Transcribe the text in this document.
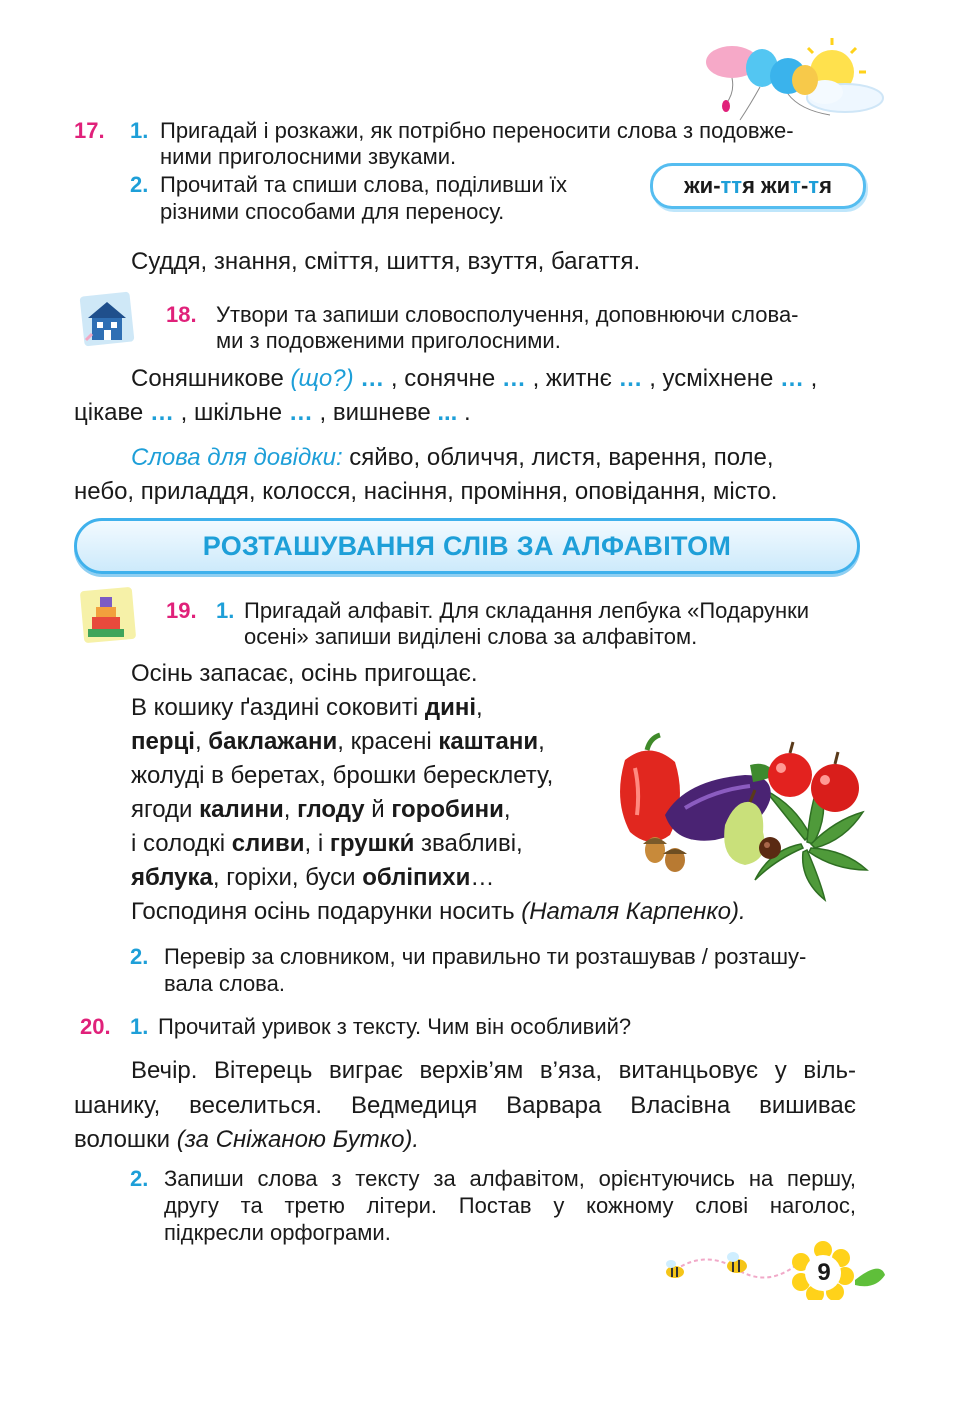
17. 1. Пригадай і розкажи, як потрібно переносити слова з подовже-
ними приголосними звуками.
2. Прочитай та спиши слова, поділивши їх
різними способами для переносу.
жи- тт я жи т - т я
Суддя, знання, сміття, шиття, взуття, багаття.
18. Утвори та запиши словосполучення, доповнюючи слова-
ми з подовженими приголосними.
Соняшникове (що?) … , сонячне … , житнє … , усміхнене … ,
цікаве … , шкільне … , вишневе ... .
Слова для довідки: сяйво, обличчя, листя, варення, поле,
небо, приладдя, колосся, насіння, проміння, оповідання, місто.
РОЗТАШУВАННЯ СЛІВ ЗА АЛФАВІТОМ
19. 1. Пригадай алфавіт. Для складання лепбука «Подарунки
осені» запиши виділені слова за алфавітом.
Осінь запасає, осінь пригощає.
В кошику ґаздині соковиті дині,
перці, баклажани, красені каштани,
жолуді в беретах, брошки бересклету,
ягоди калини, глоду й горобини,
і солодкі сливи, і грушки́ звабливі,
яблука, горіхи, буси обліпихи…
Господиня осінь подарунки носить (Наталя Карпенко).
2. Перевір за словником, чи правильно ти розташував / розташу-
вала слова.
20. 1. Прочитай уривок з тексту. Чим він особливий?
Вечір. Вітерець виграє верхів’ям в’яза, витанцьовує у віль-
шанику, веселиться. Ведмедиця Варвара Власівна вишиває
волошки (за Сніжаною Бутко).
2. Запиши слова з тексту за алфавітом, орієнтуючись на першу,
другу та третю літери. Постав у кожному слові наголос,
підкресли орфограми.
9
